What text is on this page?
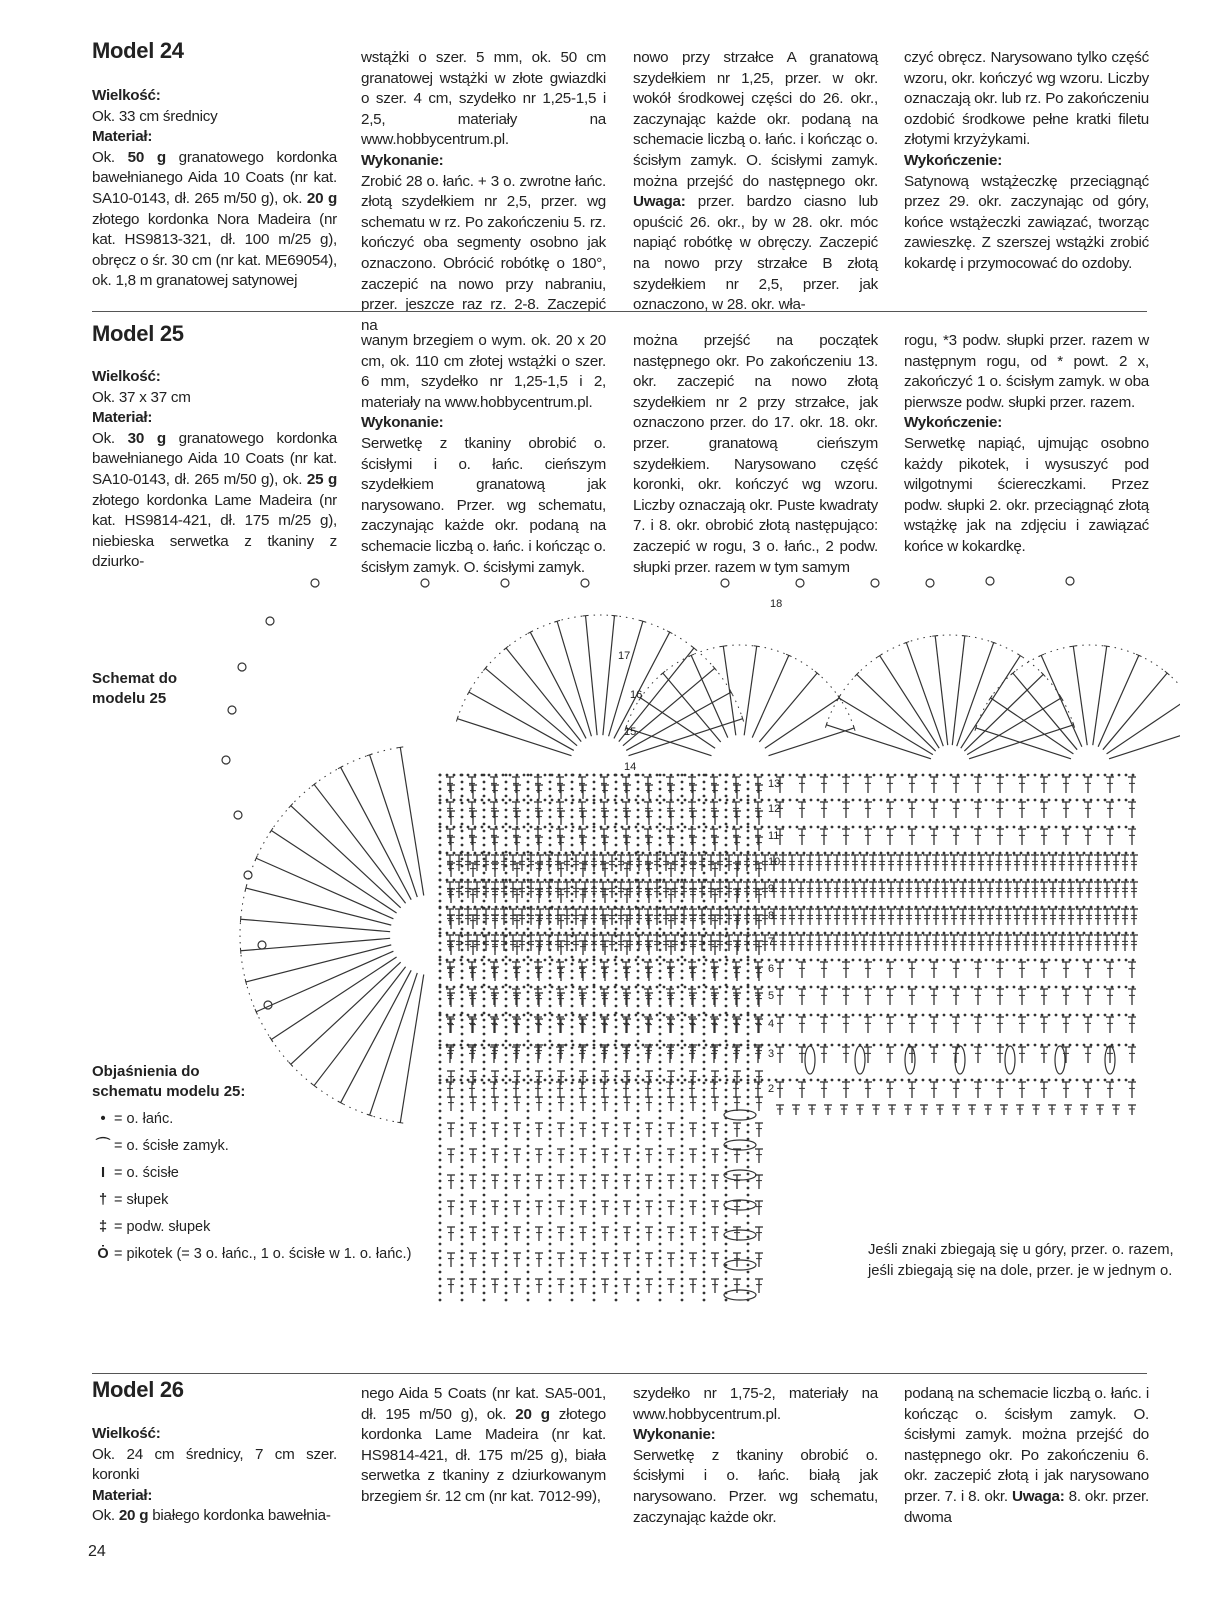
Model 24

Wielkość:

Ok. 33 cm średnicy

Materiał:

Ok. 50 g granatowego kordonka bawełnianego Aida 10 Coats (nr kat. SA10-0143, dł. 265 m/50 g), ok. 20 g złotego kordonka Nora Madeira (nr kat. HS9813-321, dł. 100 m/25 g), obręcz o śr. 30 cm (nr kat. ME69054), ok. 1,8 m granatowej satynowej

wstążki o szer. 5 mm, ok. 50 cm granatowej wstążki w złote gwiazdki o szer. 4 cm, szydełko nr 1,25-1,5 i 2,5, materiały na www.hobbycentrum.pl.

Wykonanie:

Zrobić 28 o. łańc. + 3 o. zwrotne łańc. złotą szydełkiem nr 2,5, przer. wg schematu w rz. Po zakończeniu 5. rz. kończyć oba segmenty osobno jak oznaczono. Obrócić robótkę o 180°, zaczepić na nowo przy nabraniu, przer. jeszcze raz rz. 2-8. Zaczepić na

nowo przy strzałce A granatową szydełkiem nr 1,25, przer. w okr. wokół środkowej części do 26. okr., zaczynając każde okr. podaną na schemacie liczbą o. łańc. i kończąc o. ścisłym zamyk. O. ścisłymi zamyk. można przejść do następnego okr. Uwaga: przer. bardzo ciasno lub opuścić 26. okr., by w 28. okr. móc napiąć robótkę w obręczy. Zaczepić na nowo przy strzałce B złotą szydełkiem nr 2,5, przer. jak oznaczono, w 28. okr. wła-

czyć obręcz. Narysowano tylko część wzoru, okr. kończyć wg wzoru. Liczby oznaczają okr. lub rz. Po zakończeniu ozdobić środkowe pełne kratki filetu złotymi krzyżykami.

Wykończenie:

Satynową wstążeczkę przeciągnąć przez 29. okr. zaczynając od góry, końce wstążeczki zawiązać, tworząc zawieszkę. Z szerszej wstążki zrobić kokardę i przymocować do ozdoby.

Model 25

Wielkość:

Ok. 37 x 37 cm

Materiał:

Ok. 30 g granatowego kordonka bawełnianego Aida 10 Coats (nr kat. SA10-0143, dł. 265 m/50 g), ok. 25 g złotego kordonka Lame Madeira (nr kat. HS9814-421, dł. 175 m/25 g), niebieska serwetka z tkaniny z dziurko-

wanym brzegiem o wym. ok. 20 x 20 cm, ok. 110 cm złotej wstążki o szer. 6 mm, szydełko nr 1,25-1,5 i 2, materiały na www.hobbycentrum.pl.

Wykonanie:

Serwetkę z tkaniny obrobić o. ścisłymi i o. łańc. cieńszym szydełkiem granatową jak narysowano. Przer. wg schematu, zaczynając każde okr. podaną na schemacie liczbą o. łańc. i kończąc o. ścisłym zamyk. O. ścisłymi zamyk.

można przejść na początek następnego okr. Po zakończeniu 13. okr. zaczepić na nowo złotą szydełkiem nr 2 przy strzałce, jak oznaczono przer. do 17. okr. 18. okr. przer. granatową cieńszym szydełkiem. Narysowano część koronki, okr. kończyć wg wzoru. Liczby oznaczają okr. Puste kwadraty 7. i 8. okr. obrobić złotą następująco: zaczepić w rogu, 3 o. łańc., 2 podw. słupki przer. razem w tym samym

rogu, *3 podw. słupki przer. razem w następnym rogu, od * powt. 2 x, zakończyć 1 o. ścisłym zamyk. w oba pierwsze podw. słupki przer. razem.

Wykończenie:

Serwetkę napiąć, ujmując osobno każdy pikotek, i wysuszyć pod wilgotnymi ściereczkami. Przez podw. słupki 2. okr. przeciągnąć złotą wstążkę jak na zdjęciu i zawiązać końce w kokardkę.

Schemat do modelu 25
13
12
11
10
9
8
7
6
5
4
3
2
14
15
16
17
18
Objaśnienia do schematu modelu 25:
• = o. łańc.
⌒ = o. ścisłe zamyk.
I = o. ścisłe
† = słupek
‡ = podw. słupek
Ȯ = pikotek (= 3 o. łańc., 1 o. ścisłe w 1. o. łańc.)	Jeśli znaki zbiegają się u góry, przer. o. razem, jeśli zbiegają się na dole, przer. je w jednym o.
Model 26

Wielkość:

Ok. 24 cm średnicy, 7 cm szer. koronki

Materiał:

Ok. 20 g białego kordonka bawełnia-

nego Aida 5 Coats (nr kat. SA5-001, dł. 195 m/50 g), ok. 20 g złotego kordonka Lame Madeira (nr kat. HS9814-421, dł. 175 m/25 g), biała serwetka z tkaniny z dziurkowanym brzegiem śr. 12 cm (nr kat. 7012-99),

szydełko nr 1,75-2, materiały na www.hobbycentrum.pl.

Wykonanie:

Serwetkę z tkaniny obrobić o. ścisłymi i o. łańc. białą jak narysowano. Przer. wg schematu, zaczynając każde okr.

podaną na schemacie liczbą o. łańc. i kończąc o. ścisłym zamyk. O. ścisłymi zamyk. można przejść do następnego okr. Po zakończeniu 6. okr. zaczepić złotą i jak narysowano przer. 7. i 8. okr. Uwaga: 8. okr. przer. dwoma

24
